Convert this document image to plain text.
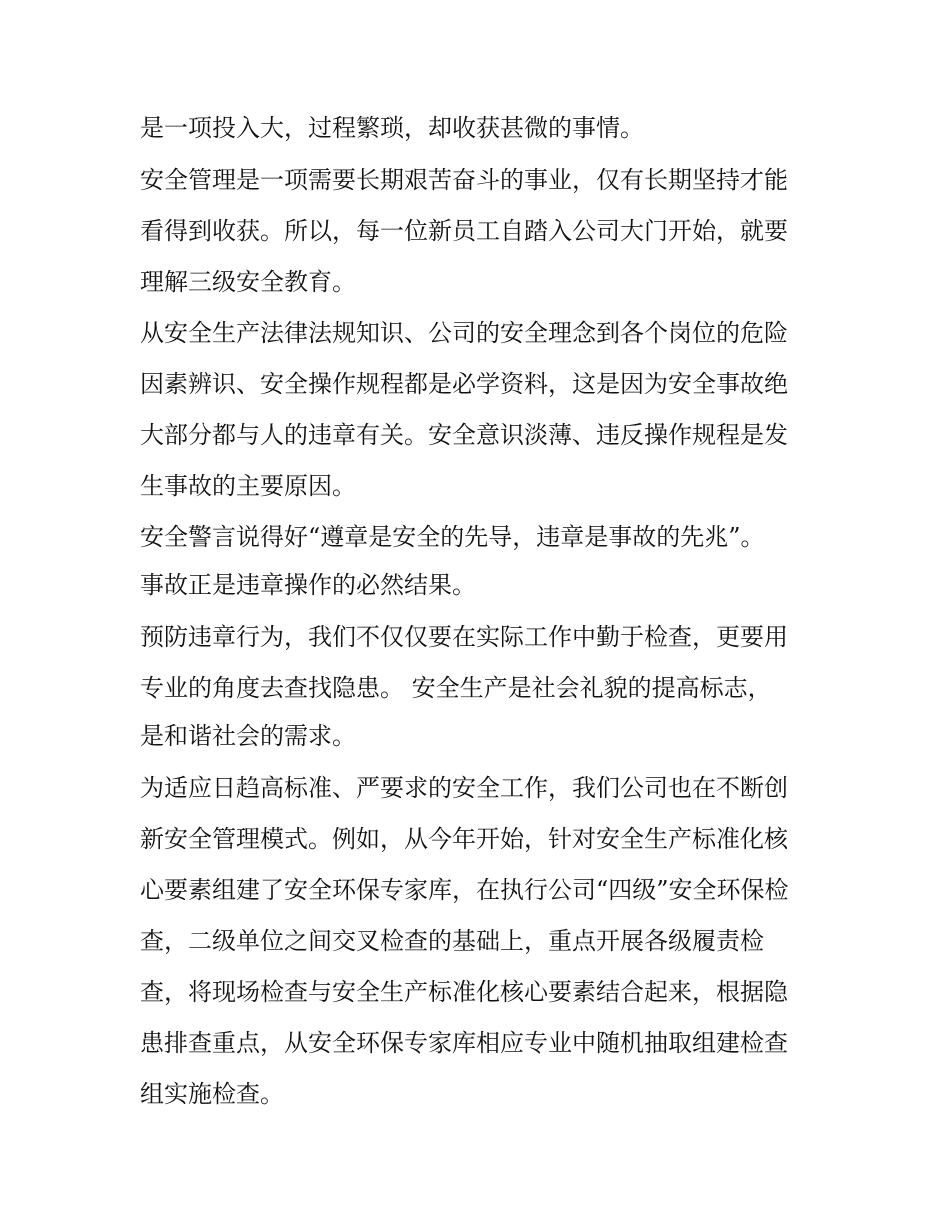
是一项投入大，过程繁琐，却收获甚微的事情。

安全管理是一项需要长期艰苦奋斗的事业，仅有长期坚持才能

看得到收获。所以，每一位新员工自踏入公司大门开始，就要

理解三级安全教育。

从安全生产法律法规知识、公司的安全理念到各个岗位的危险

因素辨识、安全操作规程都是必学资料，这是因为安全事故绝

大部分都与人的违章有关。安全意识淡薄、违反操作规程是发

生事故的主要原因。

安全警言说得好“遵章是安全的先导，违章是事故的先兆”。

事故正是违章操作的必然结果。

预防违章行为，我们不仅仅要在实际工作中勤于检查，更要用

专业的角度去查找隐患。 安全生产是社会礼貌的提高标志，

是和谐社会的需求。

为适应日趋高标准、严要求的安全工作，我们公司也在不断创

新安全管理模式。例如，从今年开始，针对安全生产标准化核

心要素组建了安全环保专家库，在执行公司“四级”安全环保检

查，二级单位之间交叉检查的基础上，重点开展各级履责检

查，将现场检查与安全生产标准化核心要素结合起来，根据隐

患排查重点，从安全环保专家库相应专业中随机抽取组建检查

组实施检查。
